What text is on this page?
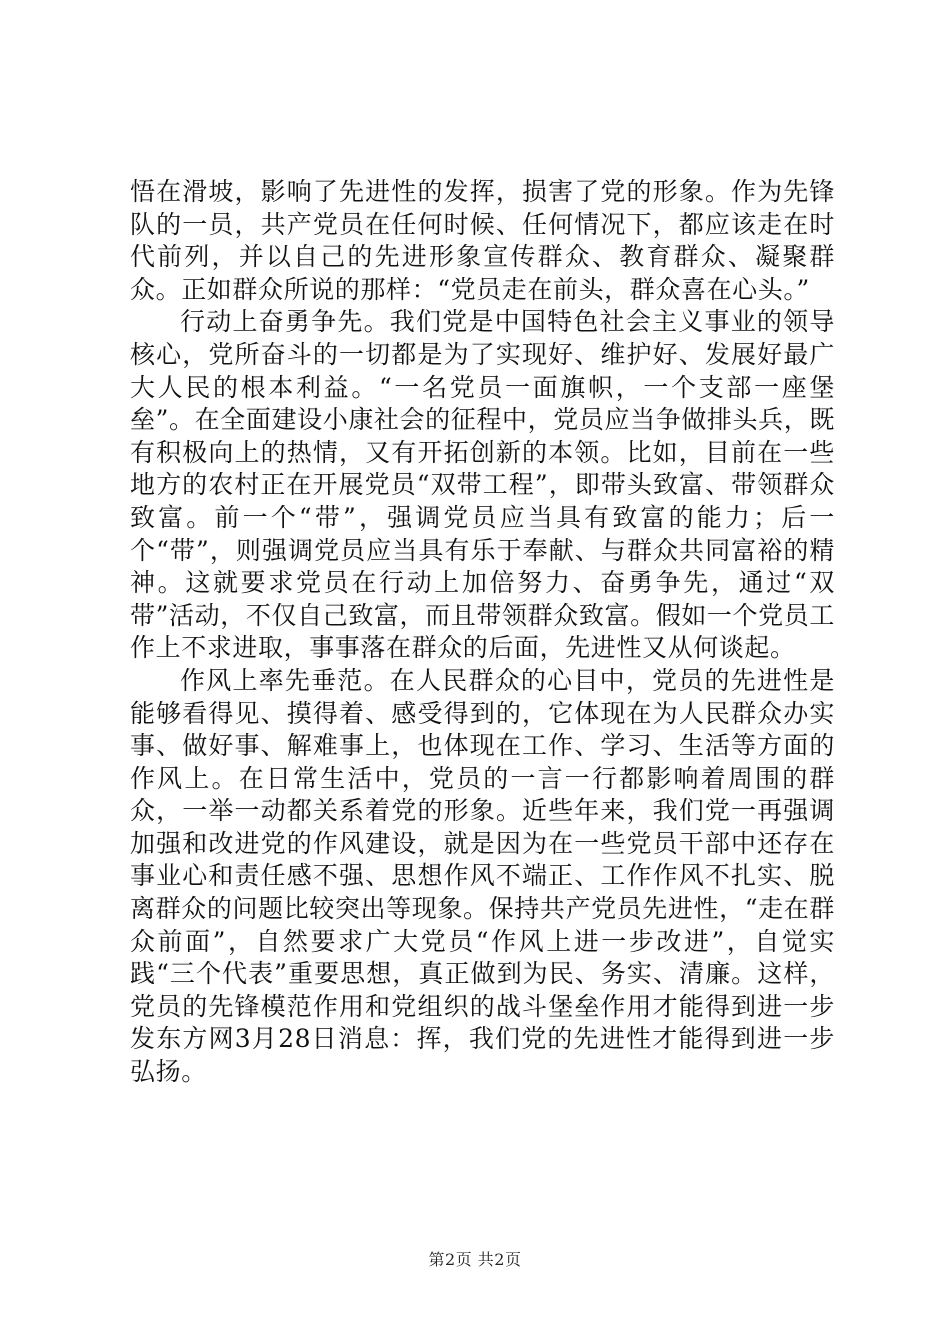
悟在滑坡，影响了先进性的发挥，损害了党的形象。作为先锋队的一员，共产党员在任何时候、任何情况下，都应该走在时代前列，并以自己的先进形象宣传群众、教育群众、凝聚群众。正如群众所说的那样：“党员走在前头，群众喜在心头。”

行动上奋勇争先。我们党是中国特色社会主义事业的领导核心，党所奋斗的一切都是为了实现好、维护好、发展好最广大人民的根本利益。“一名党员一面旗帜，一个支部一座堡垒”。在全面建设小康社会的征程中，党员应当争做排头兵，既有积极向上的热情，又有开拓创新的本领。比如，目前在一些地方的农村正在开展党员“双带工程”，即带头致富、带领群众致富。前一个“带”，强调党员应当具有致富的能力；后一个“带”，则强调党员应当具有乐于奉献、与群众共同富裕的精神。这就要求党员在行动上加倍努力、奋勇争先，通过“双带”活动，不仅自己致富，而且带领群众致富。假如一个党员工作上不求进取，事事落在群众的后面，先进性又从何谈起。

作风上率先垂范。在人民群众的心目中，党员的先进性是能够看得见、摸得着、感受得到的，它体现在为人民群众办实事、做好事、解难事上，也体现在工作、学习、生活等方面的作风上。在日常生活中，党员的一言一行都影响着周围的群众，一举一动都关系着党的形象。近些年来，我们党一再强调加强和改进党的作风建设，就是因为在一些党员干部中还存在事业心和责任感不强、思想作风不端正、工作作风不扎实、脱离群众的问题比较突出等现象。保持共产党员先进性，“走在群众前面”，自然要求广大党员“作风上进一步改进”，自觉实践“三个代表”重要思想，真正做到为民、务实、清廉。这样，党员的先锋模范作用和党组织的战斗堡垒作用才能得到进一步发东方网3月28日消息：挥，我们党的先进性才能得到进一步弘扬。

第2页 共2页
